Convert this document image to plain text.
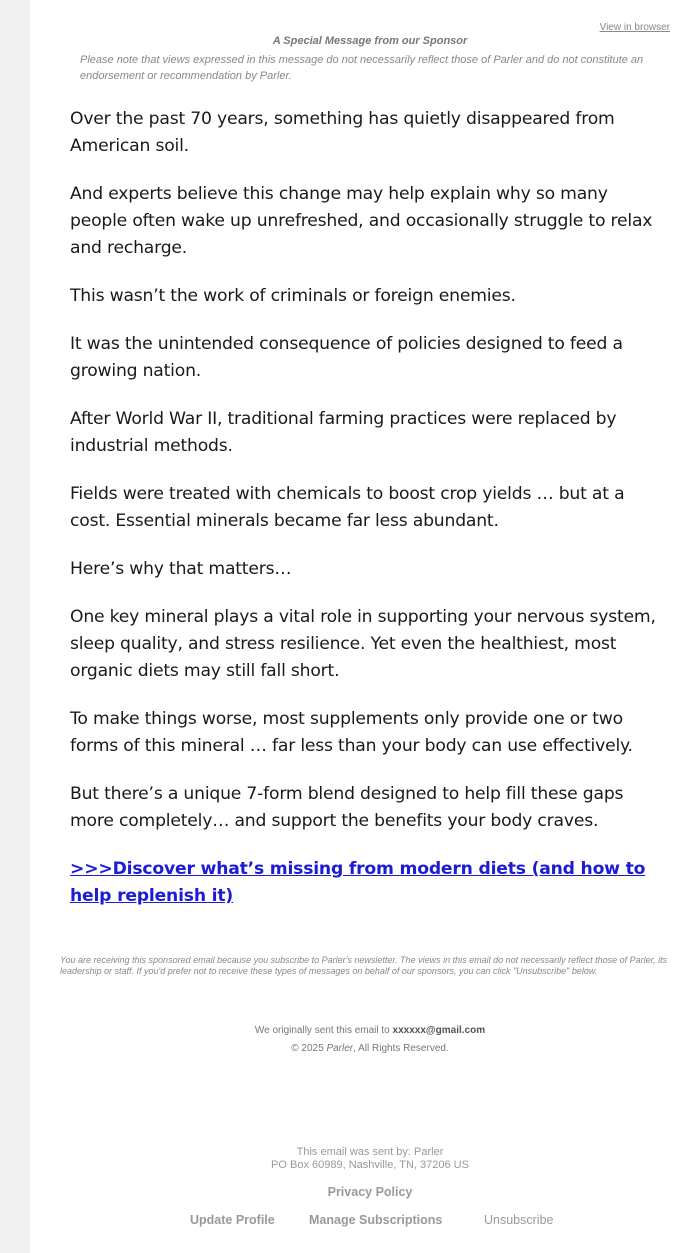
View in browser
A Special Message from our Sponsor
Please note that views expressed in this message do not necessarily reflect those of Parler and do not constitute an endorsement or recommendation by Parler.

Over the past 70 years, something has quietly disappeared from American soil.

And experts believe this change may help explain why so many people often wake up unrefreshed, and occasionally struggle to relax and recharge.

This wasn’t the work of criminals or foreign enemies.

It was the unintended consequence of policies designed to feed a growing nation.

After World War II, traditional farming practices were replaced by industrial methods.

Fields were treated with chemicals to boost crop yields … but at a cost. Essential minerals became far less abundant.

Here’s why that matters…

One key mineral plays a vital role in supporting your nervous system, sleep quality, and stress resilience. Yet even the healthiest, most organic diets may still fall short.

To make things worse, most supplements only provide one or two forms of this mineral … far less than your body can use effectively.

But there’s a unique 7-form blend designed to help fill these gaps more completely… and support the benefits your body craves.

>>>Discover what’s missing from modern diets (and how to help replenish it)
You are receiving this sponsored email because you subscribe to Parler's newsletter. The views in this email do not necessarily reflect those of Parler, its leadership or staff. If you'd prefer not to receive these types of messages on behalf of our sponsors, you can click "Unsubscribe" below.
We originally sent this email to xxxxxx@gmail.com
© 2025 Parler, All Rights Reserved.
This email was sent by: Parler
PO Box 60989, Nashville, TN, 37206 US
Privacy Policy
Update Profile	Manage Subscriptions	Unsubscribe
